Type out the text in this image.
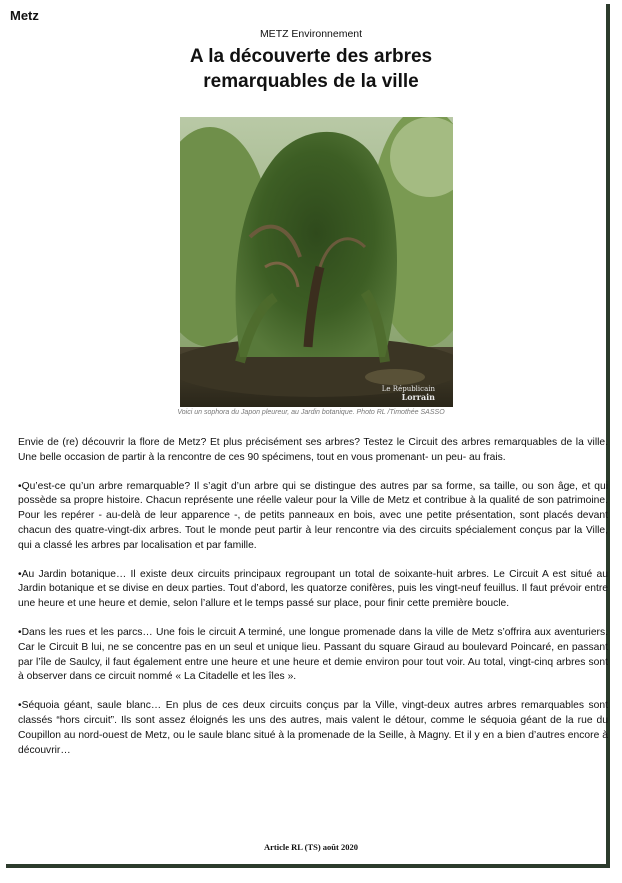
Metz
METZ Environnement
A la découverte des arbres
remarquables de la ville
Le Républicain
Lorrain
Voici un sophora du Japon pleureur, au Jardin botanique. Photo RL /Timothée SASSO

Envie de (re) découvrir la flore de Metz? Et plus précisément ses arbres? Testez le Circuit des arbres remarquables de la ville. Une belle occasion de partir à la rencontre de ces 90 spécimens, tout en vous promenant- un peu- au frais.

•Qu’est-ce qu’un arbre remarquable? Il s’agit d’un arbre qui se distingue des autres par sa forme, sa taille, ou son âge, et qui possède sa propre histoire. Chacun représente une réelle valeur pour la Ville de Metz et contribue à la qualité de son patrimoine. Pour les repérer - au-delà de leur apparence -, de petits panneaux en bois, avec une petite présentation, sont placés devant chacun des quatre-vingt-dix arbres. Tout le monde peut partir à leur rencontre via des circuits spécialement conçus par la Ville, qui a classé les arbres par localisation et par famille.

•Au Jardin botanique… Il existe deux circuits principaux regroupant un total de soixante-huit arbres. Le Circuit A est situé au Jardin botanique et se divise en deux parties. Tout d’abord, les quatorze conifères, puis les vingt-neuf feuillus. Il faut prévoir entre une heure et une heure et demie, selon l’allure et le temps passé sur place, pour finir cette première boucle.

•Dans les rues et les parcs… Une fois le circuit A terminé, une longue promenade dans la ville de Metz s’offrira aux aventuriers. Car le Circuit B lui, ne se concentre pas en un seul et unique lieu. Passant du square Giraud au boulevard Poincaré, en passant par l’île de Saulcy, il faut également entre une heure et une heure et demie environ pour tout voir. Au total, vingt-cinq arbres sont à observer dans ce circuit nommé « La Citadelle et les îles ».

•Séquoia géant, saule blanc… En plus de ces deux circuits conçus par la Ville, vingt-deux autres arbres remarquables sont classés “hors circuit”. Ils sont assez éloignés les uns des autres, mais valent le détour, comme le séquoia géant de la rue du Coupillon au nord-ouest de Metz, ou le saule blanc situé à la promenade de la Seille, à Magny. Et il y en a bien d’autres encore à découvrir…

Article RL (TS) août 2020
